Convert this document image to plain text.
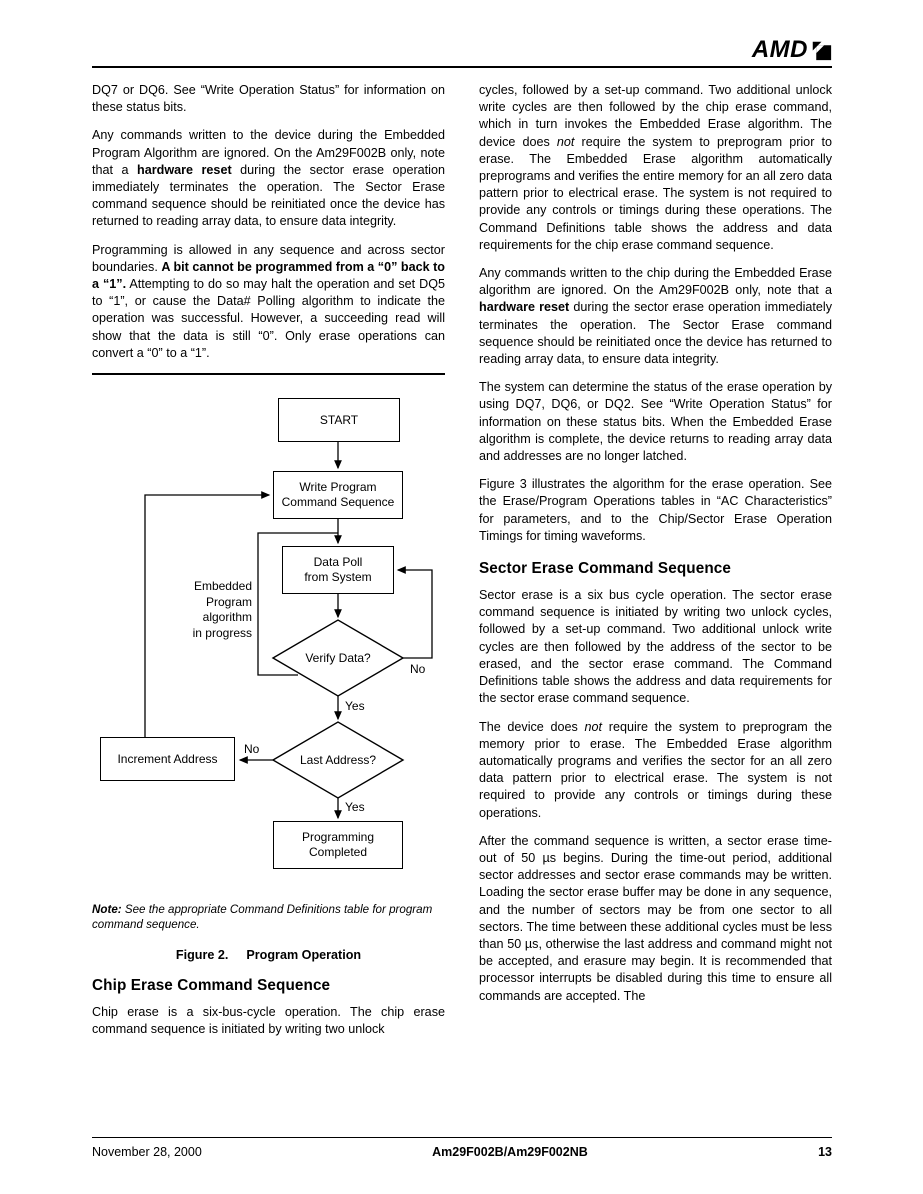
AMD

DQ7 or DQ6. See “Write Operation Status” for information on these status bits.

Any commands written to the device during the Embedded Program Algorithm are ignored. On the Am29F002B only, note that a hardware reset during the sector erase operation immediately terminates the operation. The Sector Erase command sequence should be reinitiated once the device has returned to reading array data, to ensure data integrity.

Programming is allowed in any sequence and across sector boundaries. A bit cannot be programmed from a “0” back to a “1”. Attempting to do so may halt the operation and set DQ5 to “1”, or cause the Data# Polling algorithm to indicate the operation was successful. However, a succeeding read will show that the data is still “0”. Only erase operations can convert a “0” to a “1”.

START
Write Program
Command Sequence
Data Poll
from System
Verify Data?
Last Address?
Increment Address
Programming
Completed
Yes
No
Yes
No
Embedded
Program
algorithm
in progress

Note: See the appropriate Command Definitions table for program command sequence.

Figure 2. Program Operation

Chip Erase Command Sequence

Chip erase is a six-bus-cycle operation. The chip erase command sequence is initiated by writing two unlock

cycles, followed by a set-up command. Two additional unlock write cycles are then followed by the chip erase command, which in turn invokes the Embedded Erase algorithm. The device does not require the system to preprogram prior to erase. The Embedded Erase algorithm automatically preprograms and verifies the entire memory for an all zero data pattern prior to electrical erase. The system is not required to provide any controls or timings during these operations. The Command Definitions table shows the address and data requirements for the chip erase command sequence.

Any commands written to the chip during the Embedded Erase algorithm are ignored. On the Am29F002B only, note that a hardware reset during the sector erase operation immediately terminates the operation. The Sector Erase command sequence should be reinitiated once the device has returned to reading array data, to ensure data integrity.

The system can determine the status of the erase operation by using DQ7, DQ6, or DQ2. See “Write Operation Status” for information on these status bits. When the Embedded Erase algorithm is complete, the device returns to reading array data and addresses are no longer latched.

Figure 3 illustrates the algorithm for the erase operation. See the Erase/Program Operations tables in “AC Characteristics” for parameters, and to the Chip/Sector Erase Operation Timings for timing waveforms.

Sector Erase Command Sequence

Sector erase is a six bus cycle operation. The sector erase command sequence is initiated by writing two unlock cycles, followed by a set-up command. Two additional unlock write cycles are then followed by the address of the sector to be erased, and the sector erase command. The Command Definitions table shows the address and data requirements for the sector erase command sequence.

The device does not require the system to preprogram the memory prior to erase. The Embedded Erase algorithm automatically programs and verifies the sector for an all zero data pattern prior to electrical erase. The system is not required to provide any controls or timings during these operations.

After the command sequence is written, a sector erase time-out of 50 µs begins. During the time-out period, additional sector addresses and sector erase commands may be written. Loading the sector erase buffer may be done in any sequence, and the number of sectors may be from one sector to all sectors. The time between these additional cycles must be less than 50 µs, otherwise the last address and command might not be accepted, and erasure may begin. It is recommended that processor interrupts be disabled during this time to ensure all commands are accepted. The

November 28, 2000	Am29F002B/Am29F002NB	13
